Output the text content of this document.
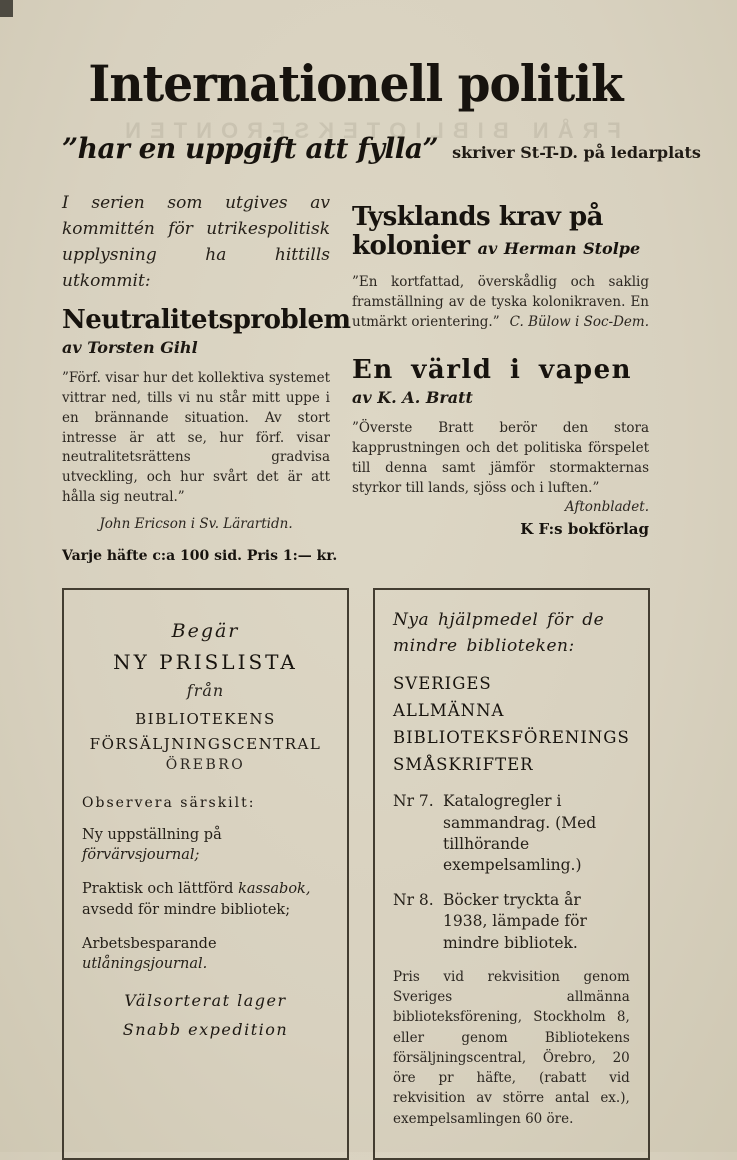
Internationell politik
FRÅN BIBLIOTEKSFRONTEN
”har en uppgift att fylla” skriver St-T-D. på ledarplats

I serien som utgives av kommittén för utrikespolitisk upplysning ha hittills utkommit:

Neutralitetsproblem
av Torsten Gihl

”Förf. visar hur det kollektiva systemet vittrar ned, tills vi nu står mitt uppe i en brännande situation. Av stort intresse är att se, hur förf. visar neutralitetsrättens gradvisa utveckling, och hur svårt det är att hålla sig neutral.”

John Ericson i Sv. Lärartidn.
Varje häfte c:a 100 sid. Pris 1:— kr.
Tysklands krav på
kolonier av Herman Stolpe

”En kortfattad, överskådlig och saklig framställning av de tyska kolonikraven. En utmärkt orientering.” C. Bülow i Soc-Dem.

En värld i vapen
av K. A. Bratt

”Överste Bratt berör den stora kapprustningen och det politiska förspelet till denna samt jämför stormakternas styrkor till lands, sjöss och i luften.”
Aftonbladet.

K F:s bokförlag
Begär
NY PRISLISTA
från
BIBLIOTEKENS
FÖRSÄLJNINGSCENTRAL
ÖREBRO
Observera särskilt:
Ny uppställning på förvärvsjournal;
Praktisk och lättförd kassabok, avsedd för mindre bibliotek;
Arbetsbesparande utlåningsjournal.
Välsorterat lager
Snabb expedition

Nya hjälpmedel för de mindre biblioteken:

SVERIGES
ALLMÄNNA
BIBLIOTEKSFÖRENINGS
SMÅSKRIFTER
Nr 7. Katalogregler i sammandrag. (Med tillhörande exempelsamling.)
Nr 8. Böcker tryckta år 1938, lämpade för mindre bibliotek.

Pris vid rekvisition genom Sveriges allmänna biblioteksförening, Stockholm 8, eller genom Bibliotekens försäljningscentral, Örebro, 20 öre pr häfte, (rabatt vid rekvisition av större antal ex.), exempelsamlingen 60 öre.
